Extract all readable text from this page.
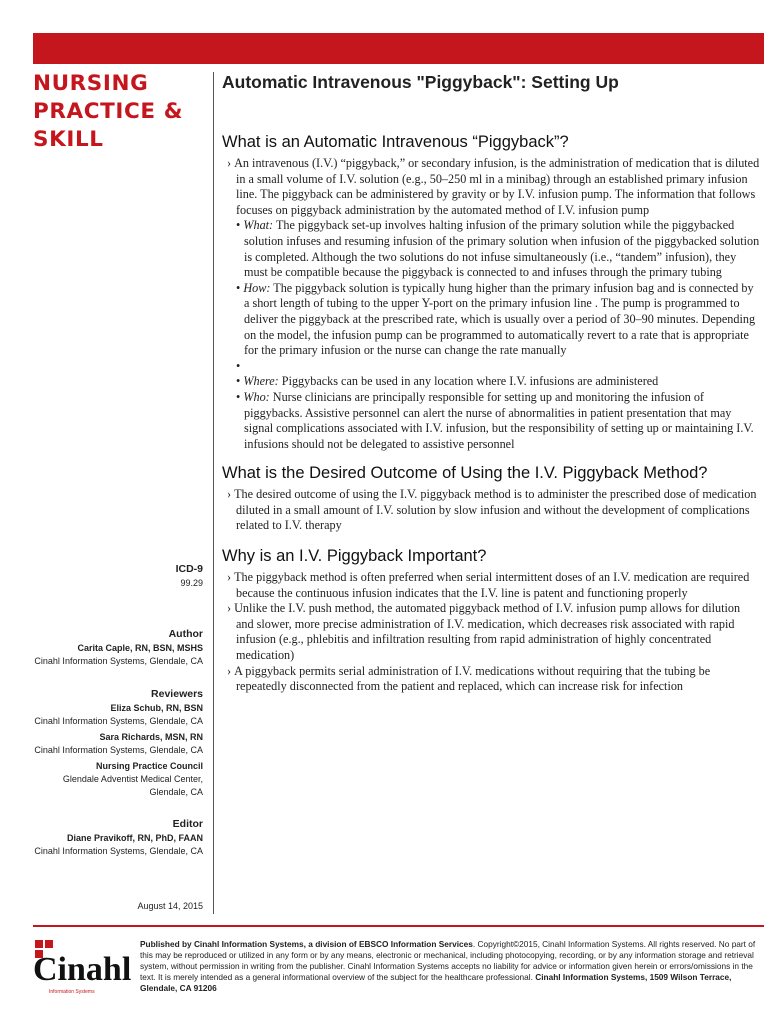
NURSING
PRACTICE &
SKILL
ICD-9
99.29
Author
Carita Caple, RN, BSN, MSHS
Cinahl Information Systems, Glendale, CA
Reviewers
Eliza Schub, RN, BSN
Cinahl Information Systems, Glendale, CA
Sara Richards, MSN, RN
Cinahl Information Systems, Glendale, CA
Nursing Practice Council
Glendale Adventist Medical Center,
Glendale, CA
Editor
Diane Pravikoff, RN, PhD, FAAN
Cinahl Information Systems, Glendale, CA
August 14, 2015
Automatic Intravenous "Piggyback": Setting Up
What is an Automatic Intravenous “Piggyback”?

› An intravenous (I.V.) “piggyback,” or secondary infusion, is the administration of medication that is diluted in a small volume of I.V. solution (e.g., 50–250 ml in a minibag) through an established primary infusion line. The piggyback can be administered by gravity or by I.V. infusion pump. The information that follows focuses on piggyback administration by the automated method of I.V. infusion pump

• What: The piggyback set-up involves halting infusion of the primary solution while the piggybacked solution infuses and resuming infusion of the primary solution when infusion of the piggybacked solution is completed. Although the two solutions do not infuse simultaneously (i.e., “tandem” infusion), they must be compatible because the piggyback is connected to and infuses through the primary tubing

• How: The piggyback solution is typically hung higher than the primary infusion bag and is connected by a short length of tubing to the upper Y-port on the primary infusion line . The pump is programmed to deliver the piggyback at the prescribed rate, which is usually over a period of 30–90 minutes. Depending on the model, the infusion pump can be programmed to automatically revert to a rate that is appropriate for the primary infusion or the nurse can change the rate manually

•

• Where: Piggybacks can be used in any location where I.V. infusions are administered

• Who: Nurse clinicians are principally responsible for setting up and monitoring the infusion of piggybacks. Assistive personnel can alert the nurse of abnormalities in patient presentation that may signal complications associated with I.V. infusion, but the responsibility of setting up or maintaining I.V. infusions should not be delegated to assistive personnel

What is the Desired Outcome of Using the I.V. Piggyback Method?

› The desired outcome of using the I.V. piggyback method is to administer the prescribed dose of medication diluted in a small amount of I.V. solution by slow infusion and without the development of complications related to I.V. therapy

Why is an I.V. Piggyback Important?

› The piggyback method is often preferred when serial intermittent doses of an I.V. medication are required because the continuous infusion indicates that the I.V. line is patent and functioning properly

› Unlike the I.V. push method, the automated piggyback method of I.V. infusion pump allows for dilution and slower, more precise administration of I.V. medication, which decreases risk associated with rapid infusion (e.g., phlebitis and infiltration resulting from rapid administration of highly concentrated medication)

› A piggyback permits serial administration of I.V. medications without requiring that the tubing be repeatedly disconnected from the patient and replaced, which can increase risk for infection

Cinahl
Information Systems
Published by Cinahl Information Systems, a division of EBSCO Information Services. Copyright©2015, Cinahl Information Systems. All rights reserved. No part of this may be reproduced or utilized in any form or by any means, electronic or mechanical, including photocopying, recording, or by any information storage and retrieval system, without permission in writing from the publisher. Cinahl Information Systems accepts no liability for advice or information given herein or errors/omissions in the text. It is merely intended as a general informational overview of the subject for the healthcare professional. Cinahl Information Systems, 1509 Wilson Terrace, Glendale, CA 91206
